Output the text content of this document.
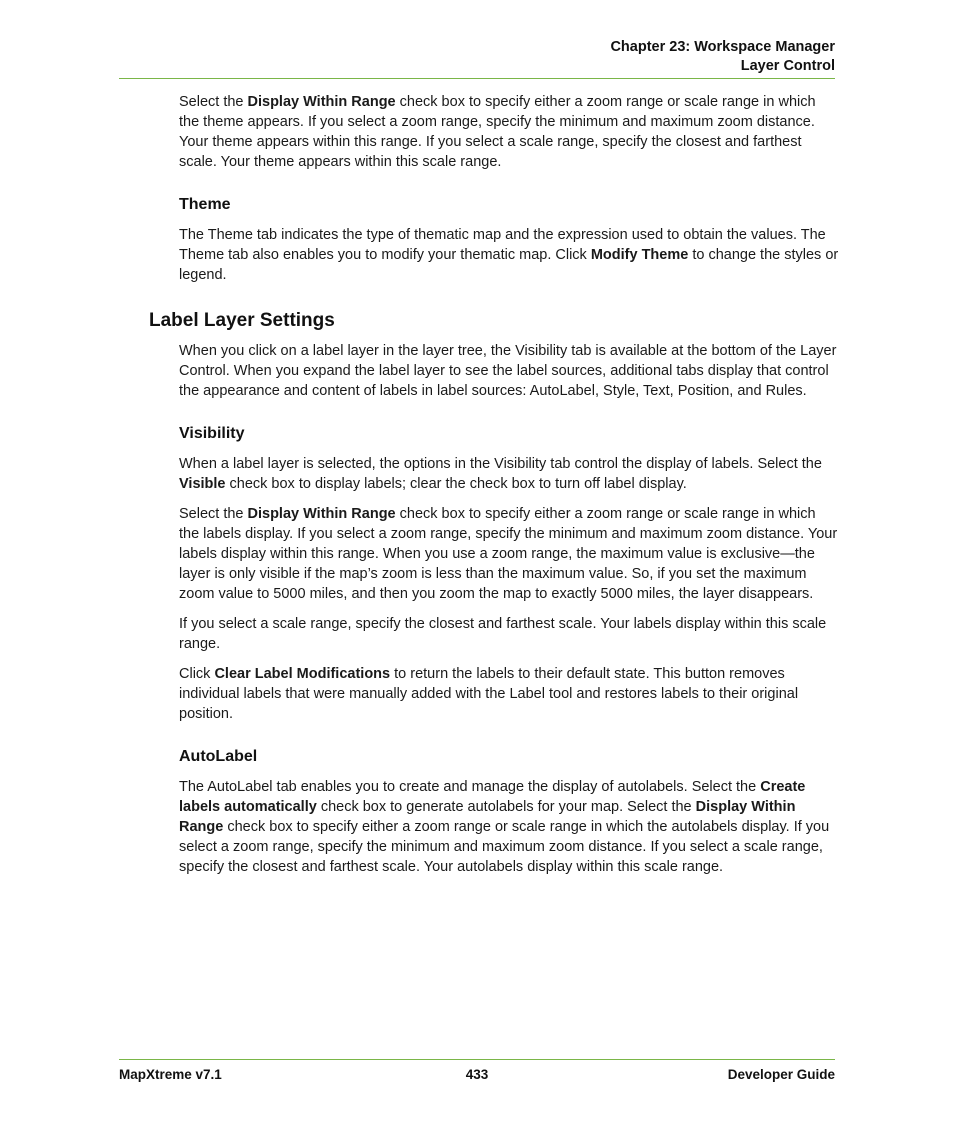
Chapter 23: Workspace Manager
Layer Control

Select the Display Within Range check box to specify either a zoom range or scale range in which the theme appears. If you select a zoom range, specify the minimum and maximum zoom distance. Your theme appears within this range. If you select a scale range, specify the closest and farthest scale. Your theme appears within this scale range.

Theme

The Theme tab indicates the type of thematic map and the expression used to obtain the values. The Theme tab also enables you to modify your thematic map. Click Modify Theme to change the styles or legend.

Label Layer Settings

When you click on a label layer in the layer tree, the Visibility tab is available at the bottom of the Layer Control. When you expand the label layer to see the label sources, additional tabs display that control the appearance and content of labels in label sources: AutoLabel, Style, Text, Position, and Rules.

Visibility

When a label layer is selected, the options in the Visibility tab control the display of labels. Select the Visible check box to display labels; clear the check box to turn off label display.

Select the Display Within Range check box to specify either a zoom range or scale range in which the labels display. If you select a zoom range, specify the minimum and maximum zoom distance. Your labels display within this range. When you use a zoom range, the maximum value is exclusive—the layer is only visible if the map’s zoom is less than the maximum value. So, if you set the maximum zoom value to 5000 miles, and then you zoom the map to exactly 5000 miles, the layer disappears.

If you select a scale range, specify the closest and farthest scale. Your labels display within this scale range.

Click Clear Label Modifications to return the labels to their default state. This button removes individual labels that were manually added with the Label tool and restores labels to their original position.

AutoLabel

The AutoLabel tab enables you to create and manage the display of autolabels. Select the Create labels automatically check box to generate autolabels for your map. Select the Display Within Range check box to specify either a zoom range or scale range in which the autolabels display. If you select a zoom range, specify the minimum and maximum zoom distance. If you select a scale range, specify the closest and farthest scale. Your autolabels display within this scale range.

MapXtreme v7.1	433	Developer Guide
